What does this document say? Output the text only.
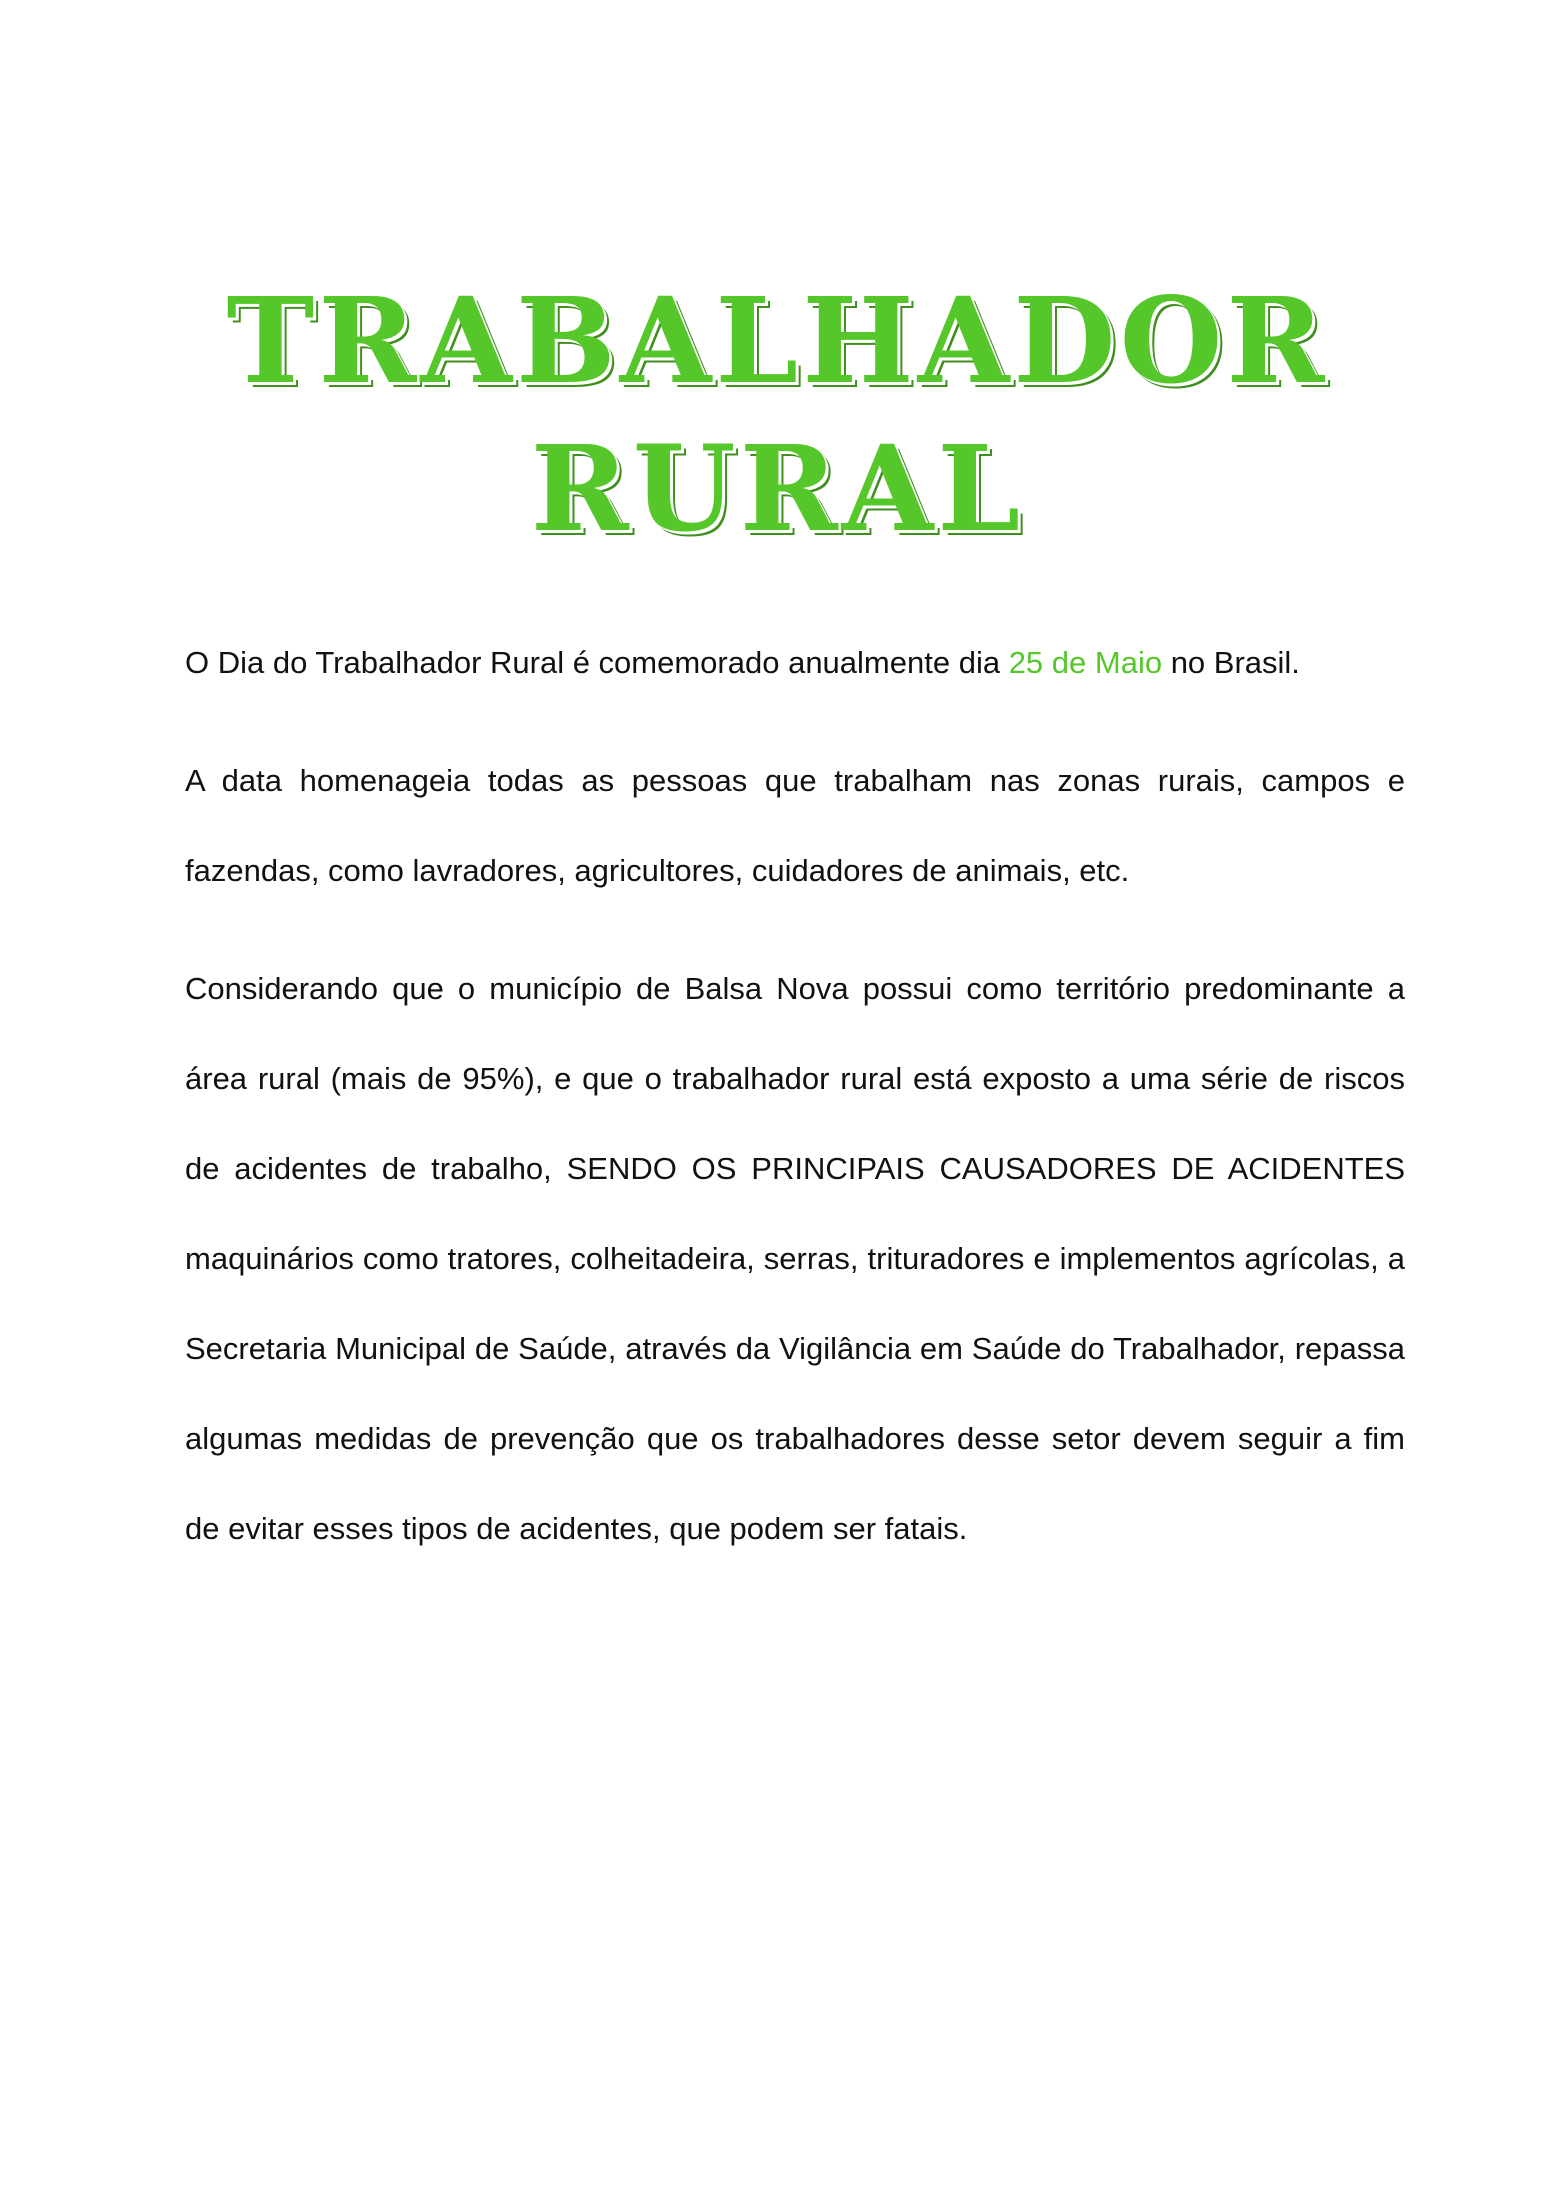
TRABALHADOR
RURAL

O Dia do Trabalhador Rural é comemorado anualmente dia 25 de Maio no Brasil.

A data homenageia todas as pessoas que trabalham nas zonas rurais, campos e fazendas, como lavradores, agricultores, cuidadores de animais, etc.

Considerando que o município de Balsa Nova possui como território predominante a área rural (mais de 95%), e que o trabalhador rural está exposto a uma série de riscos de acidentes de trabalho, SENDO OS PRINCIPAIS CAUSADORES DE ACIDENTES maquinários como tratores, colheitadeira, serras, trituradores e implementos agrícolas, a Secretaria Municipal de Saúde, através da Vigilância em Saúde do Trabalhador, repassa algumas medidas de prevenção que os trabalhadores desse setor devem seguir a fim de evitar esses tipos de acidentes, que podem ser fatais.
